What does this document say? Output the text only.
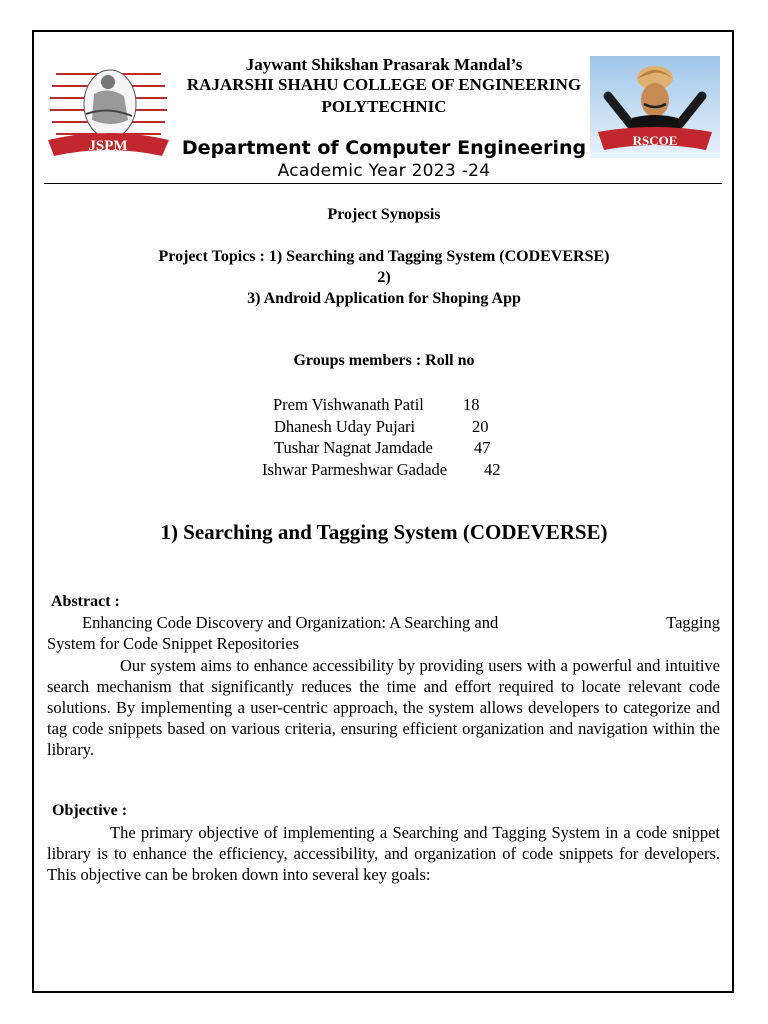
JSPM	RSCOE
Jaywant Shikshan Prasarak Mandal’s
RAJARSHI SHAHU COLLEGE OF ENGINEERING
POLYTECHNIC
Department of Computer Engineering
Academic Year 2023 -24
Project Synopsis
Project Topics : 1) Searching and Tagging System (CODEVERSE)
2)
3) Android Application for Shoping App
Groups members : Roll no
Prem Vishwanath Patil	18
Dhanesh Uday Pujari	20
Tushar Nagnat Jamdade	47
Ishwar Parmeshwar Gadade	42
1) Searching and Tagging System (CODEVERSE)
Abstract :
Enhancing Code Discovery and Organization: A Searching and	Tagging
System for Code Snippet Repositories
Our system aims to enhance accessibility by providing users with a powerful and intuitive search mechanism that significantly reduces the time and effort required to locate relevant code solutions. By implementing a user-centric approach, the system allows developers to categorize and tag code snippets based on various criteria, ensuring efficient organization and navigation within the library.
Objective :
The primary objective of implementing a Searching and Tagging System in a code snippet library is to enhance the efficiency, accessibility, and organization of code snippets for developers. This objective can be broken down into several key goals:
